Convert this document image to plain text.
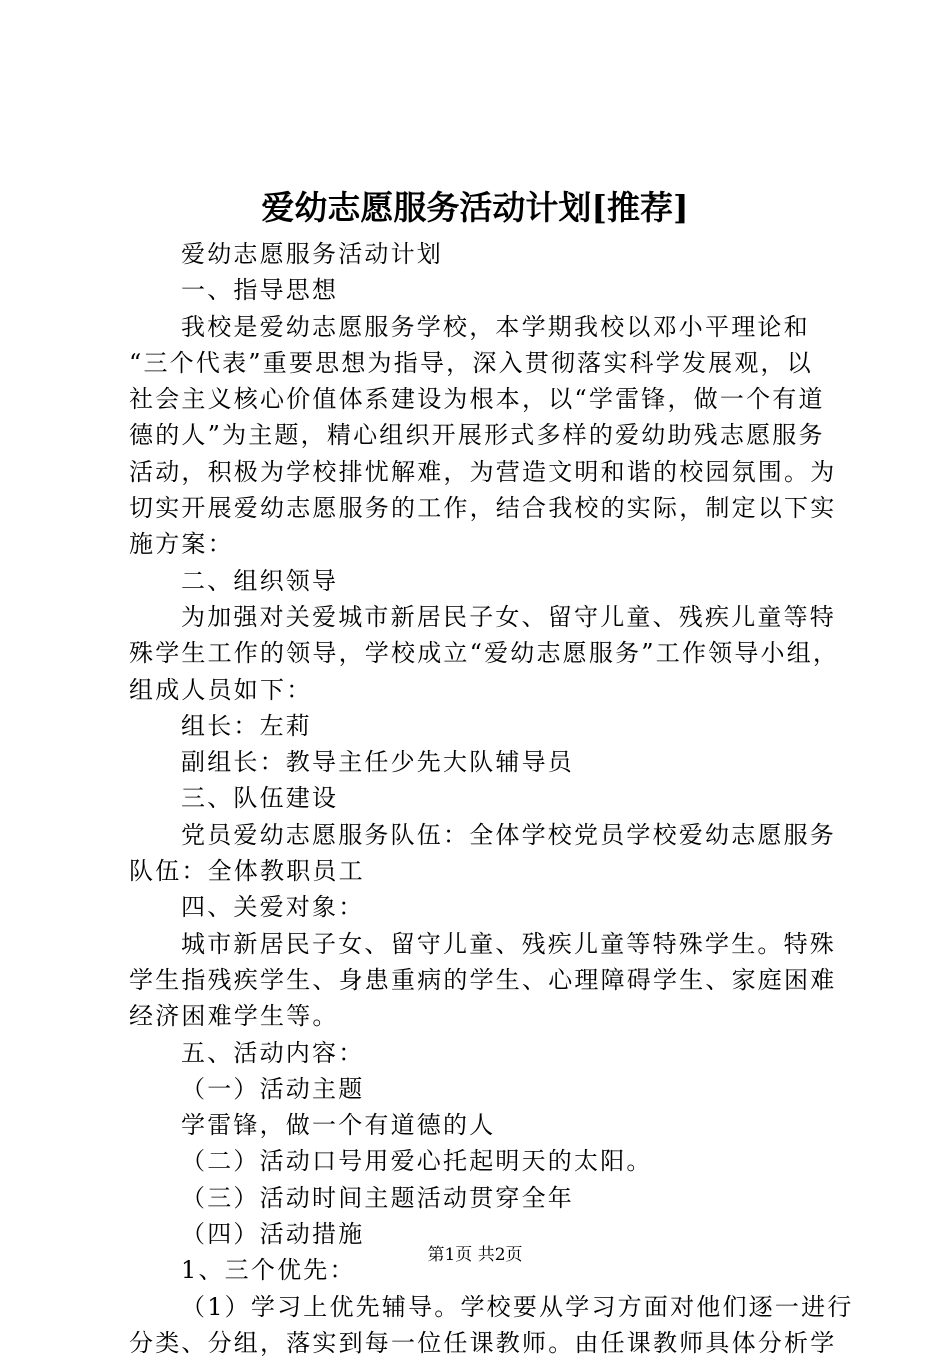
爱幼志愿服务活动计划[推荐]

爱幼志愿服务活动计划

一、指导思想

我校是爱幼志愿服务学校，本学期我校以邓小平理论和

“三个代表”重要思想为指导，深入贯彻落实科学发展观，以

社会主义核心价值体系建设为根本，以“学雷锋，做一个有道

德的人”为主题，精心组织开展形式多样的爱幼助残志愿服务

活动，积极为学校排忧解难，为营造文明和谐的校园氛围。为

切实开展爱幼志愿服务的工作，结合我校的实际，制定以下实

施方案：

二、组织领导

为加强对关爱城市新居民子女、留守儿童、残疾儿童等特

殊学生工作的领导，学校成立“爱幼志愿服务”工作领导小组，

组成人员如下：

组长：左莉

副组长：教导主任少先大队辅导员

三、队伍建设

党员爱幼志愿服务队伍：全体学校党员学校爱幼志愿服务

队伍：全体教职员工

四、关爱对象：

城市新居民子女、留守儿童、残疾儿童等特殊学生。特殊

学生指残疾学生、身患重病的学生、心理障碍学生、家庭困难

经济困难学生等。

五、活动内容：

（一）活动主题

学雷锋，做一个有道德的人

（二）活动口号用爱心托起明天的太阳。

（三）活动时间主题活动贯穿全年

（四）活动措施

1、三个优先：

（1）学习上优先辅导。学校要从学习方面对他们逐一进行

分类、分组，落实到每一位任课教师。由任课教师具体分析学

第1页 共2页
